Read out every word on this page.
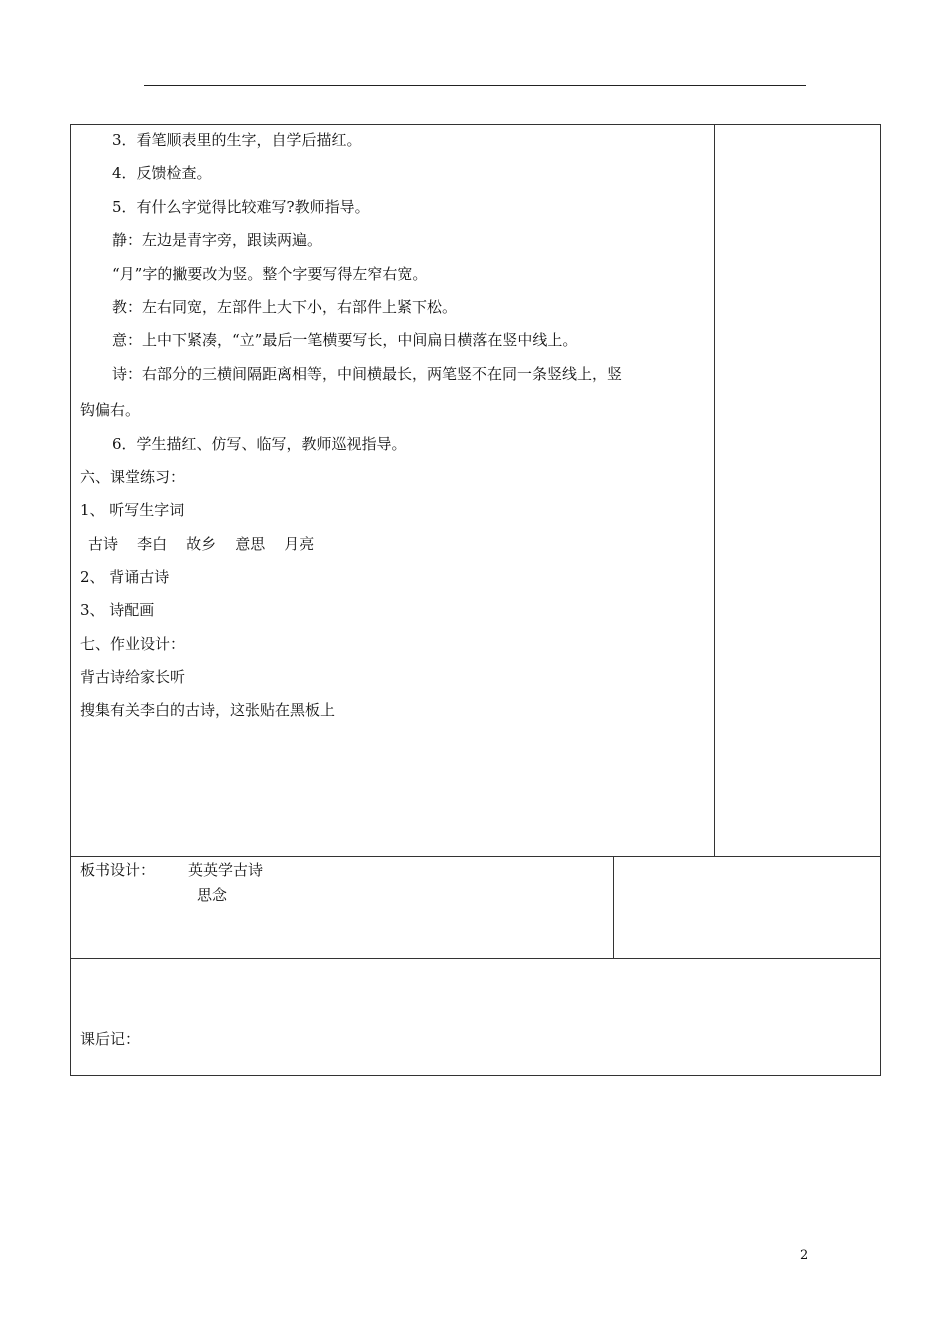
3．看笔顺表里的生字，自学后描红。
4．反馈检查。
5．有什么字觉得比较难写?教师指导。
静：左边是青字旁，跟读两遍。
“月”字的撇要改为竖。整个字要写得左窄右宽。
教：左右同宽，左部件上大下小，右部件上紧下松。
意：上中下紧凑，“立”最后一笔横要写长，中间扁日横落在竖中线上。
诗：右部分的三横间隔距离相等，中间横最长，两笔竖不在同一条竖线上，竖
钩偏右。
6．学生描红、仿写、临写，教师巡视指导。
六、课堂练习：
1、 听写生字词
古诗    李白    故乡    意思    月亮
2、 背诵古诗
3、 诗配画
七、作业设计：
背古诗给家长听
搜集有关李白的古诗，这张贴在黑板上
板书设计： 英英学古诗
思念
课后记：
2
